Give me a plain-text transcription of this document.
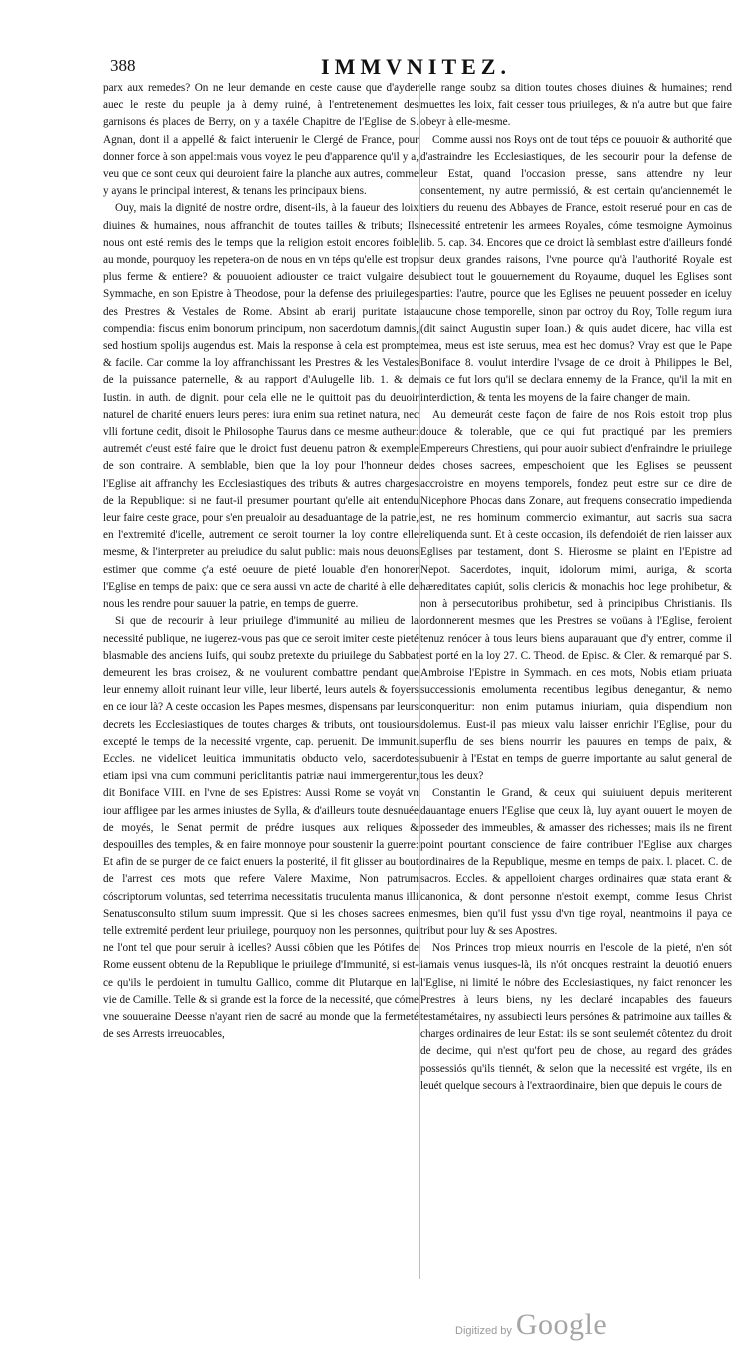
388	IMMVNITEZ.

parx aux remedes? On ne leur demande en ceste cause que d'ayder auec le reste du peuple ja à demy ruiné, à l'entretenement des garnisons és places de Berry, on y a taxéle Chapitre de l'Eglise de S. Agnan, dont il a appellé & faict interuenir le Clergé de France, pour donner force à son appel:mais vous voyez le peu d'apparence qu'il y a, veu que ce sont ceux qui deuroient faire la planche aux autres, comme y ayans le principal interest, & tenans les principaux biens.

Ouy, mais la dignité de nostre ordre, disent-ils, à la faueur des loix diuines & humaines, nous affranchit de toutes tailles & tributs; Ils nous ont esté remis des le temps que la religion estoit encores foible au monde, pourquoy les repetera-on de nous en vn téps qu'elle est trop plus ferme & entiere? & pouuoient adiouster ce traict vulgaire de Symmache, en son Epistre à Theodose, pour la defense des priuileges des Prestres & Vestales de Rome. Absint ab erarij puritate ista compendia: fiscus enim bonorum principum, non sacerdotum damnis, sed hostium spolijs augendus est. Mais la response à cela est prompte & facile. Car comme la loy affranchissant les Prestres & les Vestales de la puissance paternelle, & au rapport d'Aulugelle lib. 1. & de Iustin. in auth. de dignit. pour cela elle ne le quittoit pas du deuoir naturel de charité enuers leurs peres: iura enim sua retinet natura, nec vlli fortune cedit, disoit le Philosophe Taurus dans ce mesme autheur: autremét c'eust esté faire que le droict fust deuenu patron & exemple de son contraire. A semblable, bien que la loy pour l'honneur de l'Eglise ait affranchy les Ecclesiastiques des tributs & autres charges de la Republique: si ne faut-il presumer pourtant qu'elle ait entendu leur faire ceste grace, pour s'en preualoir au desaduantage de la patrie, en l'extremité d'icelle, autrement ce seroit tourner la loy contre elle mesme, & l'interpreter au preiudice du salut public: mais nous deuons estimer que comme ç'a esté oeuure de pieté louable d'en honorer l'Eglise en temps de paix: que ce sera aussi vn acte de charité à elle de nous les rendre pour sauuer la patrie, en temps de guerre.

Si que de recourir à leur priuilege d'immunité au milieu de la necessité publique, ne iugerez-vous pas que ce seroit imiter ceste pieté blasmable des anciens Iuifs, qui soubz pretexte du priuilege du Sabbat demeurent les bras croisez, & ne voulurent combattre pendant que leur ennemy alloit ruinant leur ville, leur liberté, leurs autels & foyers en ce iour là? A ceste occasion les Papes mesmes, dispensans par leurs decrets les Ecclesiastiques de toutes charges & tributs, ont tousiours excepté le temps de la necessité vrgente, cap. peruenit. De immunit. Eccles. ne videlicet leuitica immunitatis obducto velo, sacerdotes etiam ipsi vna cum communi periclitantis patriæ naui immergerentur, dit Boniface VIII. en l'vne de ses Epistres: Aussi Rome se voyát vn iour affligee par les armes iniustes de Sylla, & d'ailleurs toute desnuée de moyés, le Senat permit de prédre iusques aux reliques & despouilles des temples, & en faire monnoye pour soustenir la guerre: Et afin de se purger de ce faict enuers la posterité, il fit glisser au bout de l'arrest ces mots que refere Valere Maxime, Non patrum cóscriptorum voluntas, sed teterrima necessitatis truculenta manus illi Senatusconsulto stilum suum impressit. Que si les choses sacrees en telle extremité perdent leur priuilege, pourquoy non les personnes, qui ne l'ont tel que pour seruir à icelles? Aussi côbien que les Pótifes de Rome eussent obtenu de la Republique le priuilege d'Immunité, si est-ce qu'ils le perdoient in tumultu Gallico, comme dit Plutarque en la vie de Camille. Telle & si grande est la force de la necessité, que cóme vne souueraine Deesse n'ayant rien de sacré au monde que la fermeté de ses Arrests irreuocables,

elle range soubz sa dition toutes choses diuines & humaines; rend muettes les loix, fait cesser tous priuileges, & n'a autre but que faire obeyr à elle-mesme.

Comme aussi nos Roys ont de tout téps ce pouuoir & authorité que d'astraindre les Ecclesiastiques, de les secourir pour la defense de leur Estat, quand l'occasion presse, sans attendre ny leur consentement, ny autre permissió, & est certain qu'anciennemét le tiers du reuenu des Abbayes de France, estoit reserué pour en cas de necessité entretenir les armees Royales, cóme tesmoigne Aymoinus lib. 5. cap. 34. Encores que ce droict là semblast estre d'ailleurs fondé sur deux grandes raisons, l'vne pource qu'à l'authorité Royale est subiect tout le gouuernement du Royaume, duquel les Eglises sont parties: l'autre, pource que les Eglises ne peuuent posseder en iceluy aucune chose temporelle, sinon par octroy du Roy, Tolle regum iura (dit sainct Augustin super Ioan.) & quis audet dicere, hac villa est mea, meus est iste seruus, mea est hec domus? Vray est que le Pape Boniface 8. voulut interdire l'vsage de ce droit à Philippes le Bel, mais ce fut lors qu'il se declara ennemy de la France, qu'il la mit en interdiction, & tenta les moyens de la faire changer de main.

Au demeurát ceste façon de faire de nos Rois estoit trop plus douce & tolerable, que ce qui fut practiqué par les premiers Empereurs Chrestiens, qui pour auoir subiect d'enfraindre le priuilege des choses sacrees, empeschoient que les Eglises se peussent accroistre en moyens temporels, fondez peut estre sur ce dire de Nicephore Phocas dans Zonare, aut frequens consecratio impedienda est, ne res hominum commercio eximantur, aut sacris sua sacra reliquenda sunt. Et à ceste occasion, ils defendoiét de rien laisser aux Eglises par testament, dont S. Hierosme se plaint en l'Epistre ad Nepot. Sacerdotes, inquit, idolorum mimi, auriga, & scorta hæreditates capiút, solis clericis & monachis hoc lege prohibetur, & non à persecutoribus prohibetur, sed à principibus Christianis. Ils ordonnerent mesmes que les Prestres se voüans à l'Eglise, feroient tenuz renócer à tous leurs biens auparauant que d'y entrer, comme il est porté en la loy 27. C. Theod. de Episc. & Cler. & remarqué par S. Ambroise l'Epistre in Symmach. en ces mots, Nobis etiam priuata successionis emolumenta recentibus legibus denegantur, & nemo conqueritur: non enim putamus iniuriam, quia dispendium non dolemus. Eust-il pas mieux valu laisser enrichir l'Eglise, pour du superflu de ses biens nourrir les pauures en temps de paix, & subuenir à l'Estat en temps de guerre importante au salut general de tous les deux?

Constantin le Grand, & ceux qui suiuiuent depuis meriterent dauantage enuers l'Eglise que ceux là, luy ayant ouuert le moyen de posseder des immeubles, & amasser des richesses; mais ils ne firent point pourtant conscience de faire contribuer l'Eglise aux charges ordinaires de la Republique, mesme en temps de paix. l. placet. C. de sacros. Eccles. & appelloient charges ordinaires quæ stata erant & canonica, & dont personne n'estoit exempt, comme Iesus Christ mesmes, bien qu'il fust yssu d'vn tige royal, neantmoins il paya ce tribut pour luy & ses Apostres.

Nos Princes trop mieux nourris en l'escole de la pieté, n'en sót iamais venus iusques-là, ils n'ót oncques restraint la deuotió enuers l'Eglise, ni limité le nóbre des Ecclesiastiques, ny faict renoncer les Prestres à leurs biens, ny les declaré incapables des faueurs testamétaires, ny assubiecti leurs persónes & patrimoine aux tailles & charges ordinaires de leur Estat: ils se sont seulemét côtentez du droit de decime, qui n'est qu'fort peu de chose, au regard des grádes possessiós qu'ils tiennét, & selon que la necessité est vrgéte, ils en leuét quelque secours à l'extraordinaire, bien que depuis le cours de

Digitized by Google
